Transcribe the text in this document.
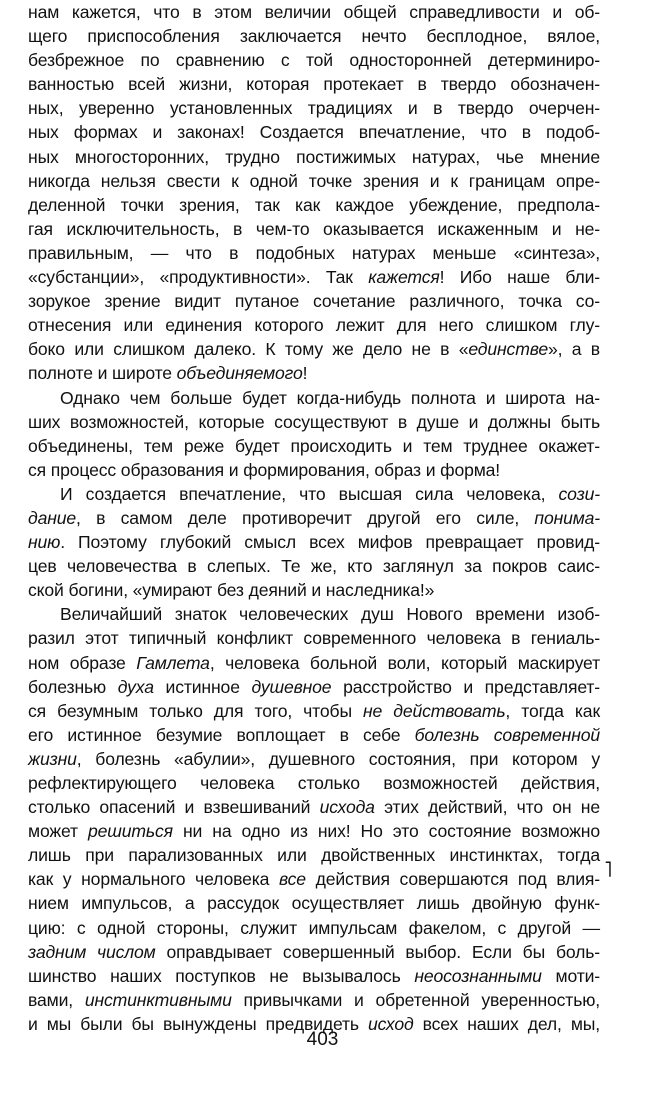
нам кажется, что в этом величии общей справедливости и об-
щего приспособления заключается нечто бесплодное, вялое,
безбрежное по сравнению с той односторонней детерминиро-
ванностью всей жизни, которая протекает в твердо обозначен-
ных, уверенно установленных традициях и в твердо очерчен-
ных формах и законах! Создается впечатление, что в подоб-
ных многосторонних, трудно постижимых натурах, чье мнение
никогда нельзя свести к одной точке зрения и к границам опре-
деленной точки зрения, так как каждое убеждение, предпола-
гая исключительность, в чем-то оказывается искаженным и не-
правильным, — что в подобных натурах меньше «синтеза»,
«субстанции», «продуктивности». Так кажется! Ибо наше бли-
зорукое зрение видит путаное сочетание различного, точка со-
отнесения или единения которого лежит для него слишком глу-
боко или слишком далеко. К тому же дело не в «единстве», а в
полноте и широте объединяемого!
Однако чем больше будет когда-нибудь полнота и широта на-
ших возможностей, которые сосуществуют в душе и должны быть
объединены, тем реже будет происходить и тем труднее окажет-
ся процесс образования и формирования, образ и форма!
И создается впечатление, что высшая сила человека, сози-
дание, в самом деле противоречит другой его силе, понима-
нию. Поэтому глубокий смысл всех мифов превращает провид-
цев человечества в слепых. Те же, кто заглянул за покров саис-
ской богини, «умирают без деяний и наследника!»
Величайший знаток человеческих душ Нового времени изоб-
разил этот типичный конфликт современного человека в гениаль-
ном образе Гамлета, человека больной воли, который маскирует
болезнью духа истинное душевное расстройство и представляет-
ся безумным только для того, чтобы не действовать, тогда как
его истинное безумие воплощает в себе болезнь современной
жизни, болезнь «абулии», душевного состояния, при котором у
рефлектирующего человека столько возможностей действия,
столько опасений и взвешиваний исхода этих действий, что он не
может решиться ни на одно из них! Но это состояние возможно
лишь при парализованных или двойственных инстинктах, тогда
как у нормального человека все действия совершаются под влия-
нием импульсов, а рассудок осуществляет лишь двойную функ-
цию: с одной стороны, служит импульсам факелом, с другой —
задним числом оправдывает совершенный выбор. Если бы боль-
шинство наших поступков не вызывалось неосознанными моти-
вами, инстинктивными привычками и обретенной уверенностью,
и мы были бы вынуждены предвидеть исход всех наших дел, мы,
˥
403
